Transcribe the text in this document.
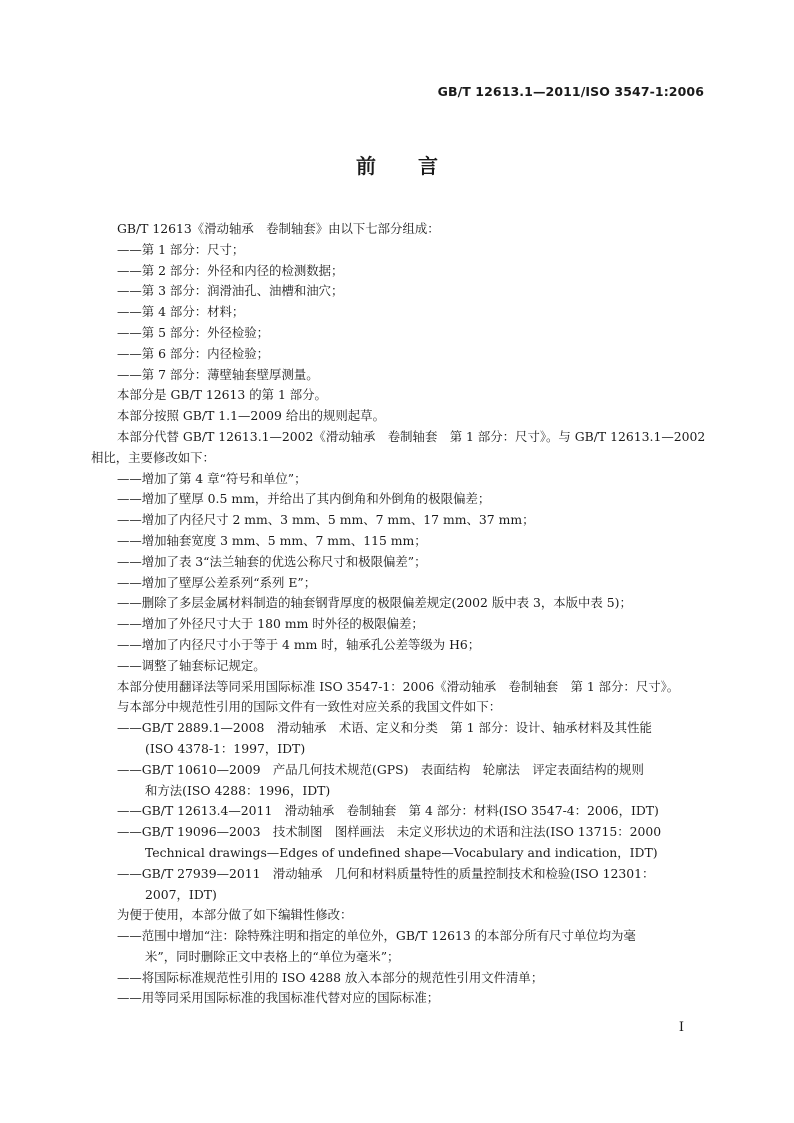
GB/T 12613.1—2011/ISO 3547-1:2006
前言

GB/T 12613《滑动轴承　卷制轴套》由以下七部分组成：

——第 1 部分：尺寸；

——第 2 部分：外径和内径的检测数据；

——第 3 部分：润滑油孔、油槽和油穴；

——第 4 部分：材料；

——第 5 部分：外径检验；

——第 6 部分：内径检验；

——第 7 部分：薄壁轴套壁厚测量。

本部分是 GB/T 12613 的第 1 部分。

本部分按照 GB/T 1.1—2009 给出的规则起草。

本部分代替 GB/T 12613.1—2002《滑动轴承　卷制轴套　第 1 部分：尺寸》。与 GB/T 12613.1—2002

相比，主要修改如下：

——增加了第 4 章“符号和单位”；

——增加了壁厚 0.5 mm，并给出了其内倒角和外倒角的极限偏差；

——增加了内径尺寸 2 mm、3 mm、5 mm、7 mm、17 mm、37 mm；

——增加轴套宽度 3 mm、5 mm、7 mm、115 mm；

——增加了表 3“法兰轴套的优选公称尺寸和极限偏差”；

——增加了壁厚公差系列“系列 E”；

——删除了多层金属材料制造的轴套钢背厚度的极限偏差规定(2002 版中表 3，本版中表 5)；

——增加了外径尺寸大于 180 mm 时外径的极限偏差；

——增加了内径尺寸小于等于 4 mm 时，轴承孔公差等级为 H6；

——调整了轴套标记规定。

本部分使用翻译法等同采用国际标准 ISO 3547-1：2006《滑动轴承　卷制轴套　第 1 部分：尺寸》。

与本部分中规范性引用的国际文件有一致性对应关系的我国文件如下：

——GB/T 2889.1—2008　滑动轴承　术语、定义和分类　第 1 部分：设计、轴承材料及其性能

(ISO 4378-1：1997，IDT)

——GB/T 10610—2009　产品几何技术规范(GPS)　表面结构　轮廓法　评定表面结构的规则

和方法(ISO 4288：1996，IDT)

——GB/T 12613.4—2011　滑动轴承　卷制轴套　第 4 部分：材料(ISO 3547-4：2006，IDT)

——GB/T 19096—2003　技术制图　图样画法　未定义形状边的术语和注法(ISO 13715：2000

Technical drawings—Edges of undefined shape—Vocabulary and indication，IDT)

——GB/T 27939—2011　滑动轴承　几何和材料质量特性的质量控制技术和检验(ISO 12301：

2007，IDT)

为便于使用，本部分做了如下编辑性修改：

——范围中增加“注：除特殊注明和指定的单位外，GB/T 12613 的本部分所有尺寸单位均为毫

米”，同时删除正文中表格上的“单位为毫米”；

——将国际标准规范性引用的 ISO 4288 放入本部分的规范性引用文件清单；

——用等同采用国际标准的我国标准代替对应的国际标准；

I
